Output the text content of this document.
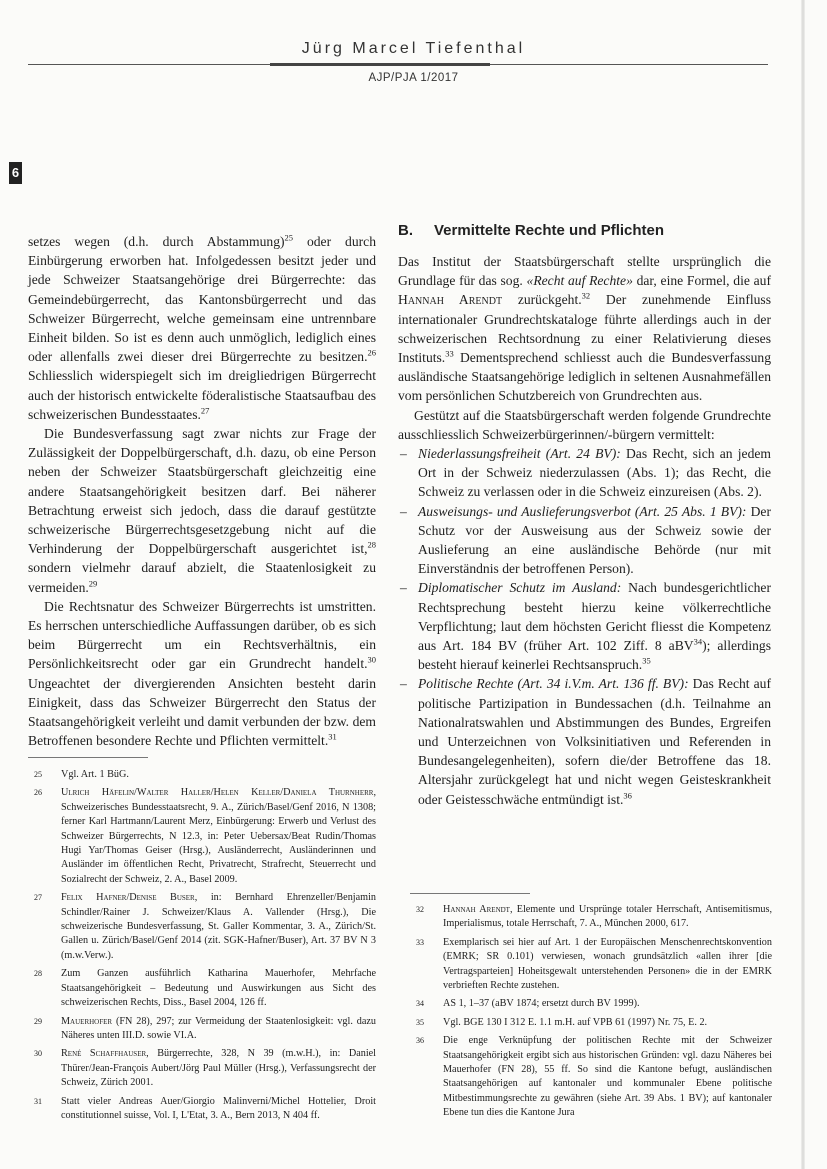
Jürg Marcel Tiefenthal
AJP/PJA 1/2017
6

setzes wegen (d.h. durch Abstammung)$^{25}$ oder durch Einbürgerung erworben hat. Infolgedessen besitzt jeder und jede Schweizer Staatsangehörige drei Bürgerrechte: das Gemeindebürgerrecht, das Kantonsbürgerrecht und das Schweizer Bürgerrecht, welche gemeinsam eine untrennbare Einheit bilden. So ist es denn auch unmöglich, lediglich eines oder allenfalls zwei dieser drei Bürgerrechte zu besitzen.$^{26}$ Schliesslich widerspiegelt sich im dreigliedrigen Bürgerrecht auch der historisch entwickelte föderalistische Staatsaufbau des schweizerischen Bundesstaates.$^{27}$

Die Bundesverfassung sagt zwar nichts zur Frage der Zulässigkeit der Doppelbürgerschaft, d.h. dazu, ob eine Person neben der Schweizer Staatsbürgerschaft gleichzeitig eine andere Staatsangehörigkeit besitzen darf. Bei näherer Betrachtung erweist sich jedoch, dass die darauf gestützte schweizerische Bürgerrechtsgesetzgebung nicht auf die Verhinderung der Doppelbürgerschaft ausgerichtet ist,$^{28}$ sondern vielmehr darauf abzielt, die Staatenlosigkeit zu vermeiden.$^{29}$

Die Rechtsnatur des Schweizer Bürgerrechts ist umstritten. Es herrschen unterschiedliche Auffassungen darüber, ob es sich beim Bürgerrecht um ein Rechtsverhältnis, ein Persönlichkeitsrecht oder gar ein Grundrecht handelt.$^{30}$ Ungeachtet der divergierenden Ansichten besteht darin Einigkeit, dass das Schweizer Bürgerrecht den Status der Staatsangehörigkeit verleiht und damit verbunden der bzw. dem Betroffenen besondere Rechte und Pflichten vermittelt.$^{31}$

B. Vermittelte Rechte und Pflichten

Das Institut der Staatsbürgerschaft stellte ursprünglich die Grundlage für das sog. «Recht auf Rechte» dar, eine Formel, die auf Hannah Arendt zurückgeht.$^{32}$ Der zunehmende Einfluss internationaler Grundrechtskataloge führte allerdings auch in der schweizerischen Rechtsordnung zu einer Relativierung dieses Instituts.$^{33}$ Dementsprechend schliesst auch die Bundesverfassung ausländische Staatsangehörige lediglich in seltenen Ausnahmefällen vom persönlichen Schutzbereich von Grundrechten aus.

Gestützt auf die Staatsbürgerschaft werden folgende Grundrechte ausschliesslich Schweizerbürgerinnen/-bürgern vermittelt:

– Niederlassungsfreiheit (Art. 24 BV): Das Recht, sich an jedem Ort in der Schweiz niederzulassen (Abs. 1); das Recht, die Schweiz zu verlassen oder in die Schweiz einzureisen (Abs. 2).
– Ausweisungs- und Auslieferungsverbot (Art. 25 Abs. 1 BV): Der Schutz vor der Ausweisung aus der Schweiz sowie der Auslieferung an eine ausländische Behörde (nur mit Einverständnis der betroffenen Person).
– Diplomatischer Schutz im Ausland: Nach bundesgerichtlicher Rechtsprechung besteht hierzu keine völkerrechtliche Verpflichtung; laut dem höchsten Gericht fliesst die Kompetenz aus Art. 184 BV (früher Art. 102 Ziff. 8 aBV$^{34}$); allerdings besteht hierauf keinerlei Rechtsanspruch.$^{35}$
– Politische Rechte (Art. 34 i.V.m. Art. 136 ff. BV): Das Recht auf politische Partizipation in Bundessachen (d.h. Teilnahme an Nationalratswahlen und Abstimmungen des Bundes, Ergreifen und Unterzeichnen von Volksinitiativen und Referenden in Bundesangelegenheiten), sofern die/der Betroffene das 18. Altersjahr zurückgelegt hat und nicht wegen Geisteskrankheit oder Geistesschwäche entmündigt ist.$^{36}$
25 Vgl. Art. 1 BüG.
26 Ulrich Häfelin/Walter Haller/Helen Keller/Daniela Thurnherr, Schweizerisches Bundesstaatsrecht, 9. A., Zürich/Basel/Genf 2016, N 1308; ferner Karl Hartmann/Laurent Merz, Einbürgerung: Erwerb und Verlust des Schweizer Bürgerrechts, N 12.3, in: Peter Uebersax/Beat Rudin/Thomas Hugi Yar/Thomas Geiser (Hrsg.), Ausländerrecht, Ausländerinnen und Ausländer im öffentlichen Recht, Privatrecht, Strafrecht, Steuerrecht und Sozialrecht der Schweiz, 2. A., Basel 2009.
27 Felix Hafner/Denise Buser, in: Bernhard Ehrenzeller/Benjamin Schindler/Rainer J. Schweizer/Klaus A. Vallender (Hrsg.), Die schweizerische Bundesverfassung, St. Galler Kommentar, 3. A., Zürich/St. Gallen u. Zürich/Basel/Genf 2014 (zit. SGK-Hafner/Buser), Art. 37 BV N 3 (m.w.Verw.).
28 Zum Ganzen ausführlich Katharina Mauerhofer, Mehrfache Staatsangehörigkeit – Bedeutung und Auswirkungen aus Sicht des schweizerischen Rechts, Diss., Basel 2004, 126 ff.
29 Mauerhofer (FN 28), 297; zur Vermeidung der Staatenlosigkeit: vgl. dazu Näheres unten III.D. sowie VI.A.
30 René Schaffhauser, Bürgerrechte, 328, N 39 (m.w.H.), in: Daniel Thürer/Jean-François Aubert/Jörg Paul Müller (Hrsg.), Verfassungsrecht der Schweiz, Zürich 2001.
31 Statt vieler Andreas Auer/Giorgio Malinverni/Michel Hottelier, Droit constitutionnel suisse, Vol. I, L'Etat, 3. A., Bern 2013, N 404 ff.
32 Hannah Arendt, Elemente und Ursprünge totaler Herrschaft, Antisemitismus, Imperialismus, totale Herrschaft, 7. A., München 2000, 617.
33 Exemplarisch sei hier auf Art. 1 der Europäischen Menschenrechtskonvention (EMRK; SR 0.101) verwiesen, wonach grundsätzlich «allen ihrer [die Vertragsparteien] Hoheitsgewalt unterstehenden Personen» die in der EMRK verbrieften Rechte zustehen.
34 AS 1, 1–37 (aBV 1874; ersetzt durch BV 1999).
35 Vgl. BGE 130 I 312 E. 1.1 m.H. auf VPB 61 (1997) Nr. 75, E. 2.
36 Die enge Verknüpfung der politischen Rechte mit der Schweizer Staatsangehörigkeit ergibt sich aus historischen Gründen: vgl. dazu Näheres bei Mauerhofer (FN 28), 55 ff. So sind die Kantone befugt, ausländischen Staatsangehörigen auf kantonaler und kommunaler Ebene politische Mitbestimmungsrechte zu gewähren (siehe Art. 39 Abs. 1 BV); auf kantonaler Ebene tun dies die Kantone Jura
